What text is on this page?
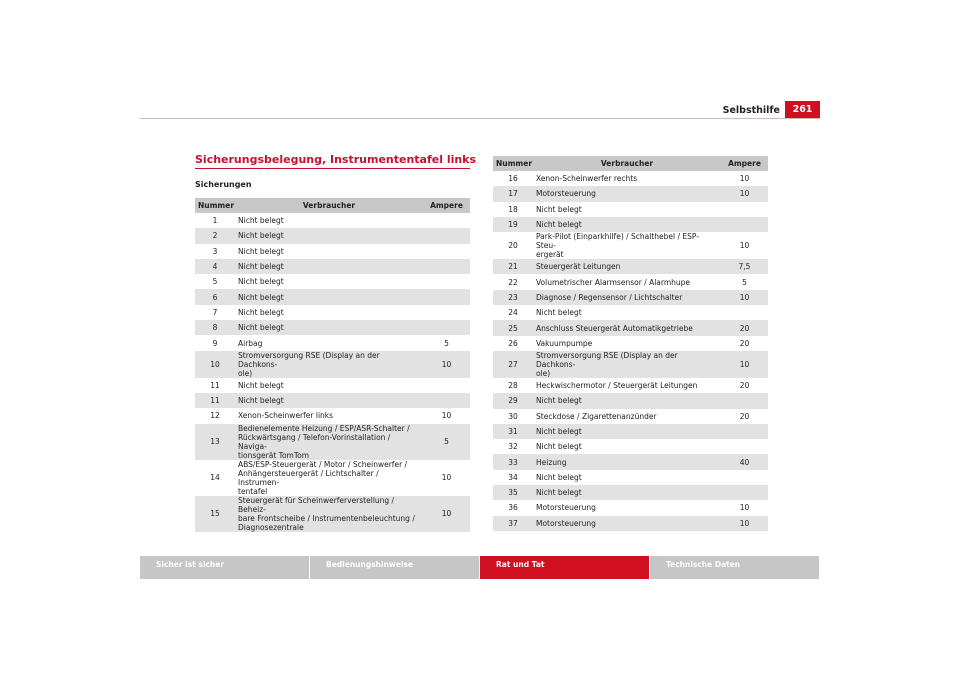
Selbsthilfe	261
Sicherungsbelegung, Instrumententafel links
Sicherungen
Nummer	Verbraucher	Ampere
1	Nicht belegt	
2	Nicht belegt	
3	Nicht belegt	
4	Nicht belegt	
5	Nicht belegt	
6	Nicht belegt	
7	Nicht belegt	
8	Nicht belegt	
9	Airbag	5
10	Stromversorgung RSE (Display an der Dachkons-
ole)	10
11	Nicht belegt	
11	Nicht belegt	
12	Xenon-Scheinwerfer links	10
13	Bedienelemente Heizung / ESP/ASR-Schalter /
Rückwärtsgang / Telefon-Vorinstallation / Naviga-
tionsgerät TomTom	5
14	ABS/ESP-Steuergerät / Motor / Scheinwerfer /
Anhängersteuergerät / Lichtschalter / Instrumen-
tentafel	10
15	Steuergerät für Scheinwerferverstellung / Beheiz-
bare Frontscheibe / Instrumentenbeleuchtung /
Diagnosezentrale	10
Nummer	Verbraucher	Ampere
16	Xenon-Scheinwerfer rechts	10
17	Motorsteuerung	10
18	Nicht belegt	
19	Nicht belegt	
20	Park-Pilot (Einparkhilfe) / Schalthebel / ESP-Steu-
ergerät	10
21	Steuergerät Leitungen	7,5
22	Volumetrischer Alarmsensor / Alarmhupe	5
23	Diagnose / Regensensor / Lichtschalter	10
24	Nicht belegt	
25	Anschluss Steuergerät Automatikgetriebe	20
26	Vakuumpumpe	20
27	Stromversorgung RSE (Display an der Dachkons-
ole)	10
28	Heckwischermotor / Steuergerät Leitungen	20
29	Nicht belegt	
30	Steckdose / Zigarettenanzünder	20
31	Nicht belegt	
32	Nicht belegt	
33	Heizung	40
34	Nicht belegt	
35	Nicht belegt	
36	Motorsteuerung	10
37	Motorsteuerung	10
Sicher ist sicher	Bedienungshinweise	Rat und Tat	Technische Daten
